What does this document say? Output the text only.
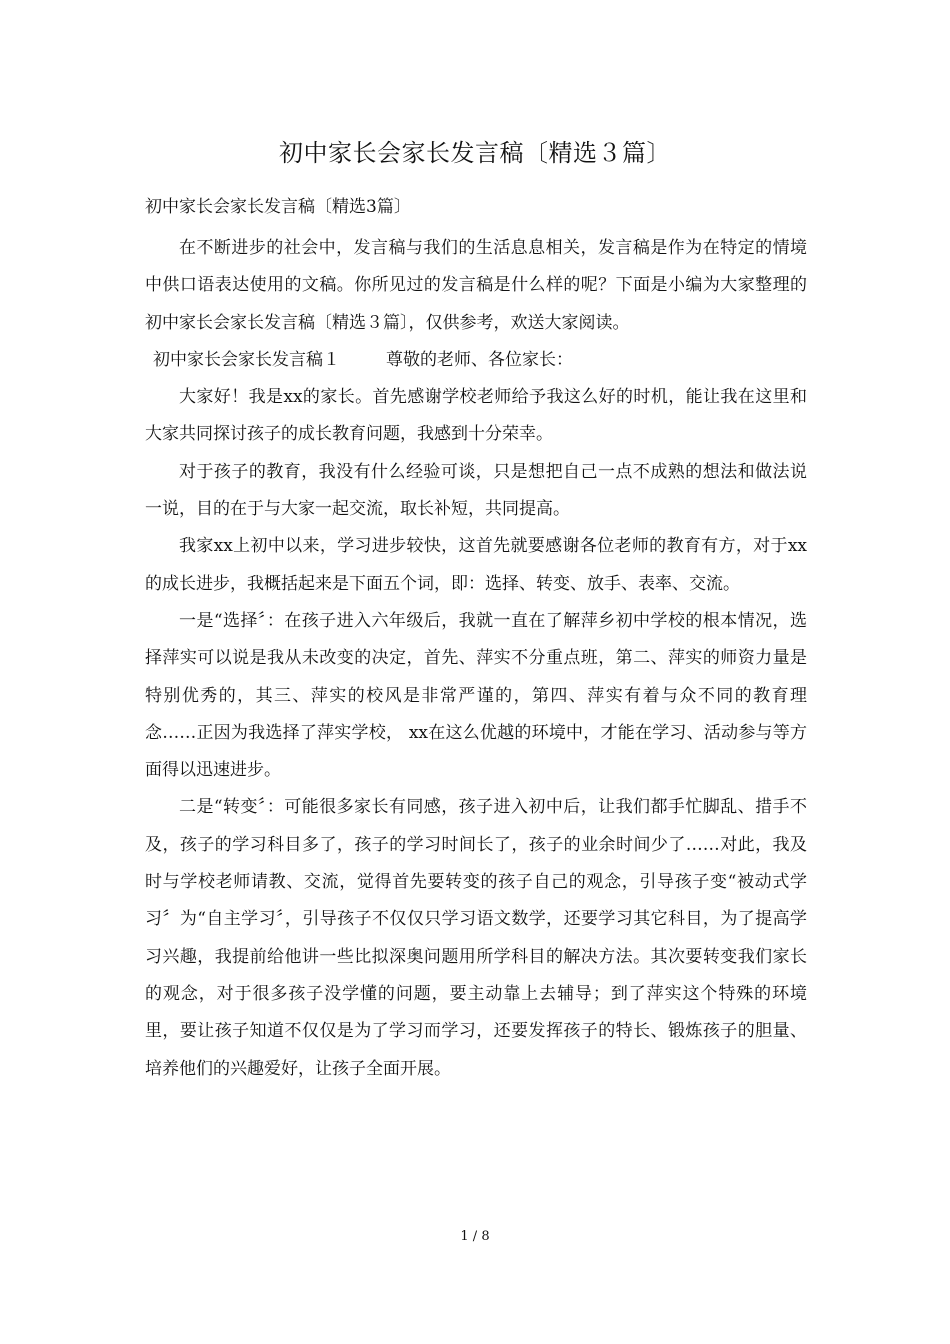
初中家长会家长发言稿〔精选３篇〕
初中家长会家长发言稿〔精选3篇〕

在不断进步的社会中，发言稿与我们的生活息息相关，发言稿是作为在特定的情境中供口语表达使用的文稿。你所见过的发言稿是什么样的呢？下面是小编为大家整理的初中家长会家长发言稿〔精选３篇〕，仅供参考，欢送大家阅读。

初中家长会家长发言稿１	尊敬的老师、各位家长：

大家好！我是xx的家长。首先感谢学校老师给予我这么好的时机，能让我在这里和大家共同探讨孩子的成长教育问题，我感到十分荣幸。

对于孩子的教育，我没有什么经验可谈，只是想把自己一点不成熟的想法和做法说一说，目的在于与大家一起交流，取长补短，共同提高。

我家xx上初中以来，学习进步较快，这首先就要感谢各位老师的教育有方，对于xx的成长进步，我概括起来是下面五个词，即：选择、转变、放手、表率、交流。

一是“选择〞：在孩子进入六年级后，我就一直在了解萍乡初中学校的根本情况，选择萍实可以说是我从未改变的决定，首先、萍实不分重点班，第二、萍实的师资力量是特别优秀的，其三、萍实的校风是非常严谨的，第四、萍实有着与众不同的教育理念……正因为我选择了萍实学校， xx在这么优越的环境中，才能在学习、活动参与等方面得以迅速进步。

二是“转变〞：可能很多家长有同感，孩子进入初中后，让我们都手忙脚乱、措手不及，孩子的学习科目多了，孩子的学习时间长了，孩子的业余时间少了……对此，我及时与学校老师请教、交流，觉得首先要转变的孩子自己的观念，引导孩子变“被动式学习〞为“自主学习〞，引导孩子不仅仅只学习语文数学，还要学习其它科目，为了提高学习兴趣，我提前给他讲一些比拟深奥问题用所学科目的解决方法。其次要转变我们家长的观念，对于很多孩子没学懂的问题，要主动靠上去辅导；到了萍实这个特殊的环境里，要让孩子知道不仅仅是为了学习而学习，还要发挥孩子的特长、锻炼孩子的胆量、培养他们的兴趣爱好，让孩子全面开展。

1 / 8
